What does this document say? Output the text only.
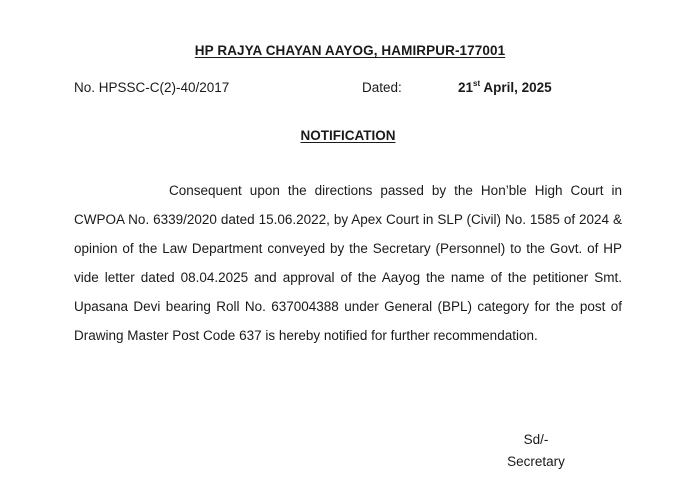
HP RAJYA CHAYAN AAYOG, HAMIRPUR-177001
No. HPSSC-C(2)-40/2017	Dated:	21st April, 2025
NOTIFICATION

Consequent upon the directions passed by the Hon’ble High Court in CWPOA No. 6339/2020 dated 15.06.2022, by Apex Court in SLP (Civil) No. 1585 of 2024 & opinion of the Law Department conveyed by the Secretary (Personnel) to the Govt. of HP vide letter dated 08.04.2025 and approval of the Aayog the name of the petitioner Smt. Upasana Devi bearing Roll No. 637004388 under General (BPL) category for the post of Drawing Master Post Code 637 is hereby notified for further recommendation.

Sd/-
Secretary
